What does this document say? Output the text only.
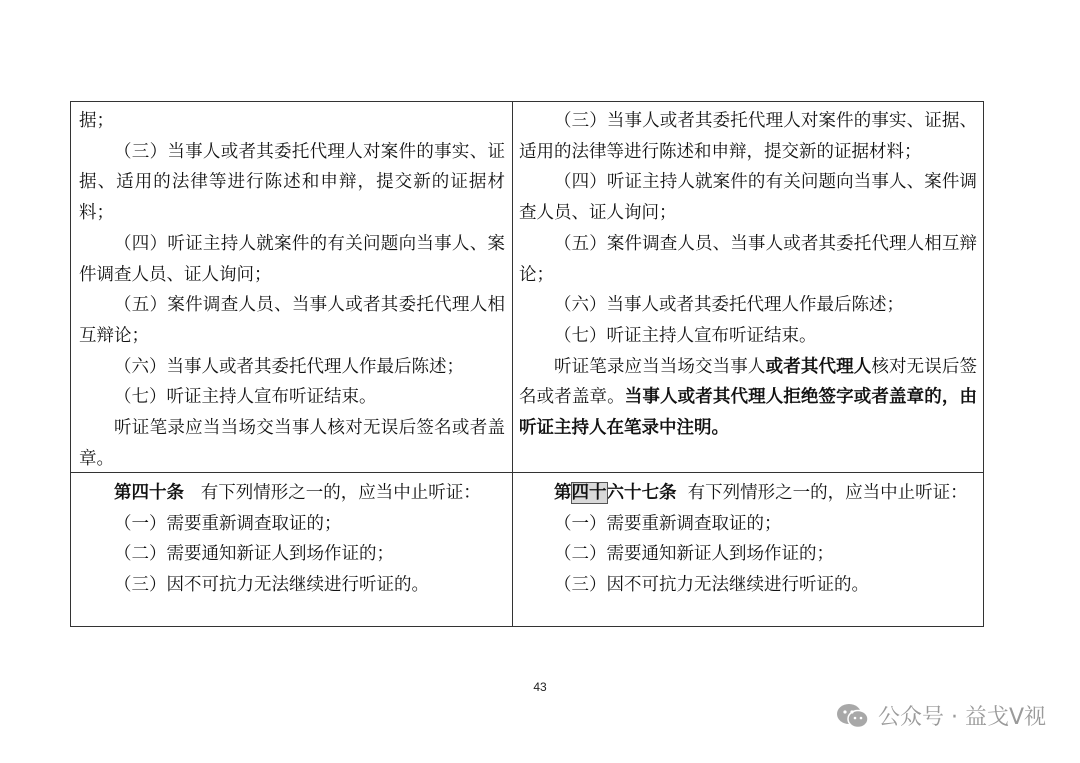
据；

（三）当事人或者其委托代理人对案件的事实、证据、适用的法律等进行陈述和申辩，提交新的证据材料；

（四）听证主持人就案件的有关问题向当事人、案件调查人员、证人询问；

（五）案件调查人员、当事人或者其委托代理人相互辩论；

（六）当事人或者其委托代理人作最后陈述；

（七）听证主持人宣布听证结束。

听证笔录应当当场交当事人核对无误后签名或者盖章。

（三）当事人或者其委托代理人对案件的事实、证据、适用的法律等进行陈述和申辩，提交新的证据材料；

（四）听证主持人就案件的有关问题向当事人、案件调查人员、证人询问；

（五）案件调查人员、当事人或者其委托代理人相互辩论；

（六）当事人或者其委托代理人作最后陈述；

（七）听证主持人宣布听证结束。

听证笔录应当当场交当事人或者其代理人核对无误后签名或者盖章。当事人或者其代理人拒绝签字或者盖章的，由听证主持人在笔录中注明。

第四十条 有下列情形之一的，应当中止听证：

（一）需要重新调查取证的；

（二）需要通知新证人到场作证的；

（三）因不可抗力无法继续进行听证的。

第四十六十七条 有下列情形之一的，应当中止听证：

（一）需要重新调查取证的；

（二）需要通知新证人到场作证的；

（三）因不可抗力无法继续进行听证的。

43
公众号 · 益戈V视
